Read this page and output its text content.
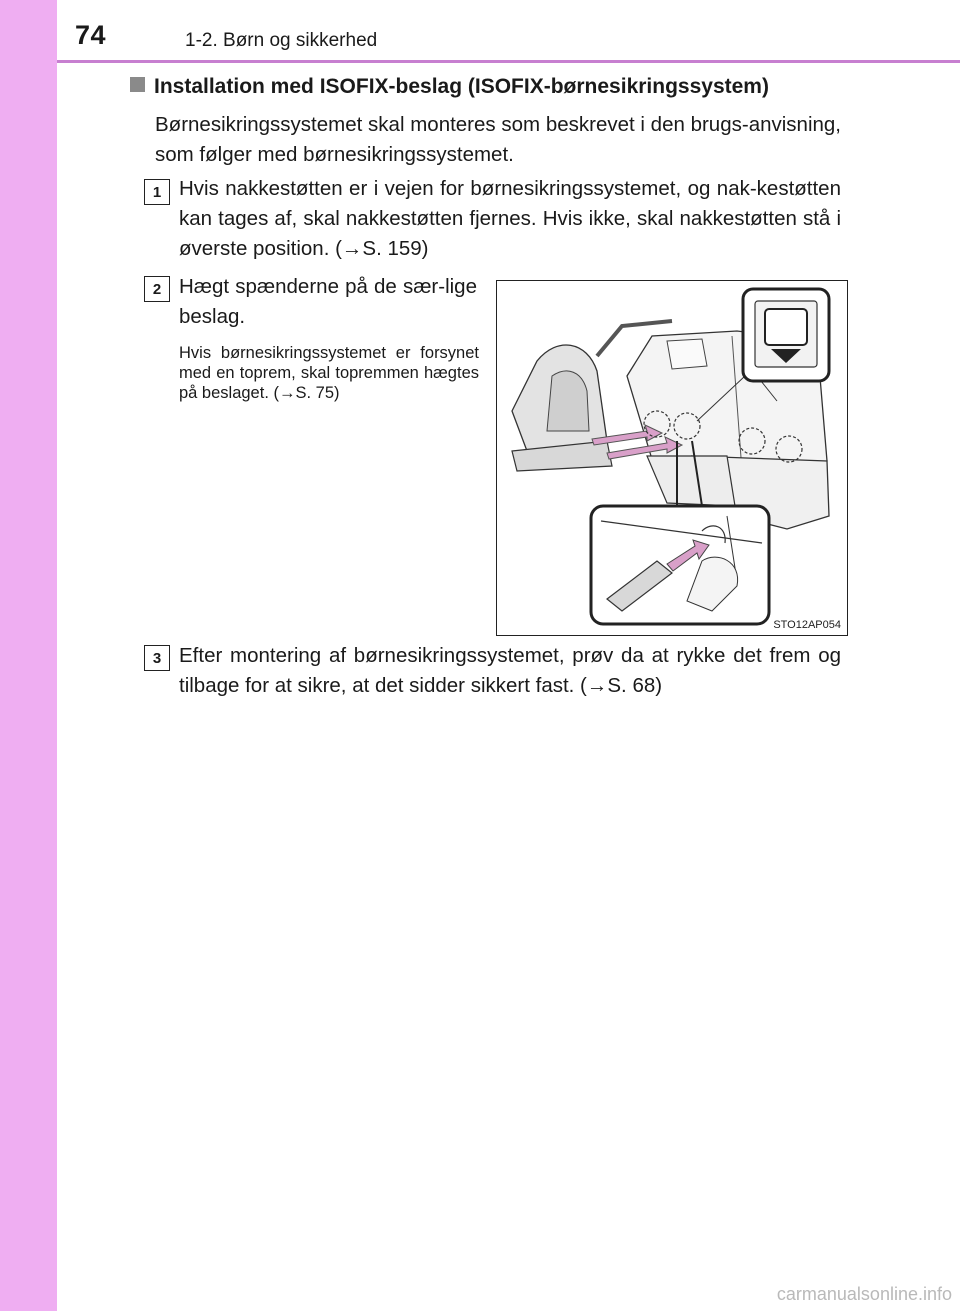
74	1-2. Børn og sikkerhed
Installation med ISOFIX-beslag (ISOFIX-børnesikringssystem)
Børnesikringssystemet skal monteres som beskrevet i den brugs-anvisning, som følger med børnesikringssystemet.
1 Hvis nakkestøtten er i vejen for børnesikringssystemet, og nak-kestøtten kan tages af, skal nakkestøtten fjernes. Hvis ikke, skal nakkestøtten stå i øverste position. (→S. 159)
2 Hægt spænderne på de sær-lige beslag.
Hvis børnesikringssystemet er forsynet med en toprem, skal topremmen hægtes på beslaget. (→S. 75)
STO12AP054
3 Efter montering af børnesikringssystemet, prøv da at rykke det frem og tilbage for at sikre, at det sidder sikkert fast. (→S. 68)
carmanualsonline.info
